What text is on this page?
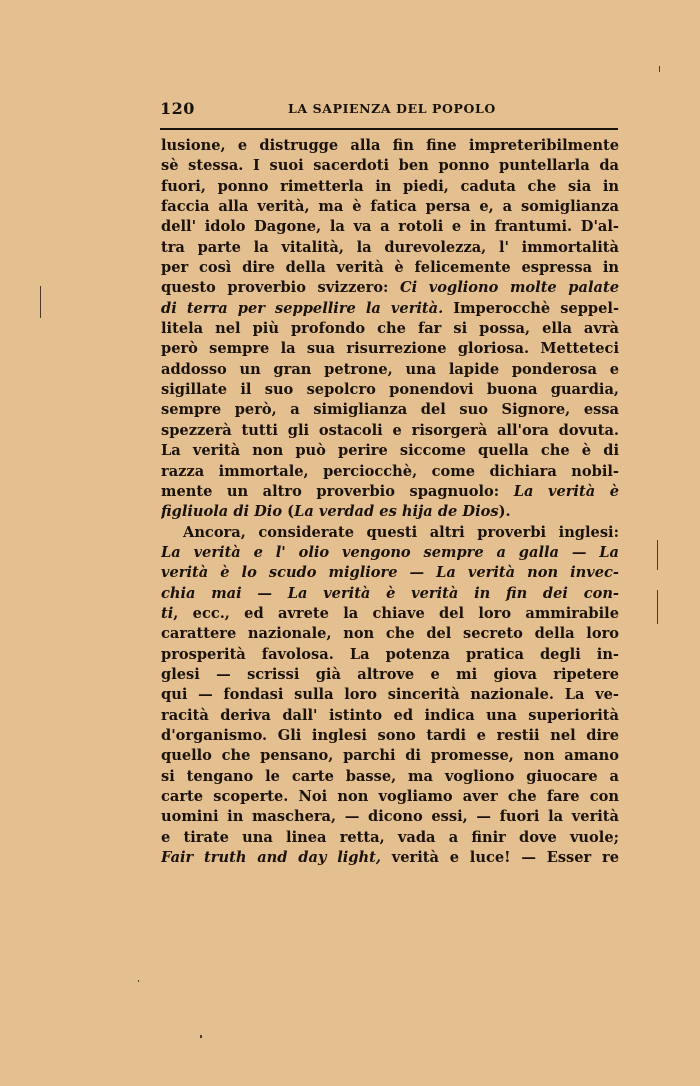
120	LA SAPIENZA DEL POPOLO
lusione, e distrugge alla fin fine impreteribilmente
sè stessa. I suoi sacerdoti ben ponno puntellarla da
fuori, ponno rimetterla in piedi, caduta che sia in
faccia alla verità, ma è fatica persa e, a somiglianza
dell' idolo Dagone, la va a rotoli e in frantumi. D'al-
tra parte la vitalità, la durevolezza, l' immortalità
per così dire della verità è felicemente espressa in
questo proverbio svizzero: Ci vogliono molte palate
di terra per seppellire la verità. Imperocchè seppel-
litela nel più profondo che far si possa, ella avrà
però sempre la sua risurrezione gloriosa. Metteteci
addosso un gran petrone, una lapide ponderosa e
sigillate il suo sepolcro ponendovi buona guardia,
sempre però, a simiglianza del suo Signore, essa
spezzerà tutti gli ostacoli e risorgerà all'ora dovuta.
La verità non può perire siccome quella che è di
razza immortale, perciocchè, come dichiara nobil-
mente un altro proverbio spagnuolo: La verità è
figliuola di Dio (La verdad es hija de Dios).
Ancora, considerate questi altri proverbi inglesi:
La verità e l' olio vengono sempre a galla — La
verità è lo scudo migliore — La verità non invec-
chia mai — La verità è verità in fin dei con-
ti, ecc., ed avrete la chiave del loro ammirabile
carattere nazionale, non che del secreto della loro
prosperità favolosa. La potenza pratica degli in-
glesi — scrissi già altrove e mi giova ripetere
qui — fondasi sulla loro sincerità nazionale. La ve-
racità deriva dall' istinto ed indica una superiorità
d'organismo. Gli inglesi sono tardi e restii nel dire
quello che pensano, parchi di promesse, non amano
si tengano le carte basse, ma vogliono giuocare a
carte scoperte. Noi non vogliamo aver che fare con
uomini in maschera, — dicono essi, — fuori la verità
e tirate una linea retta, vada a finir dove vuole;
Fair truth and day light, verità e luce! — Esser re
